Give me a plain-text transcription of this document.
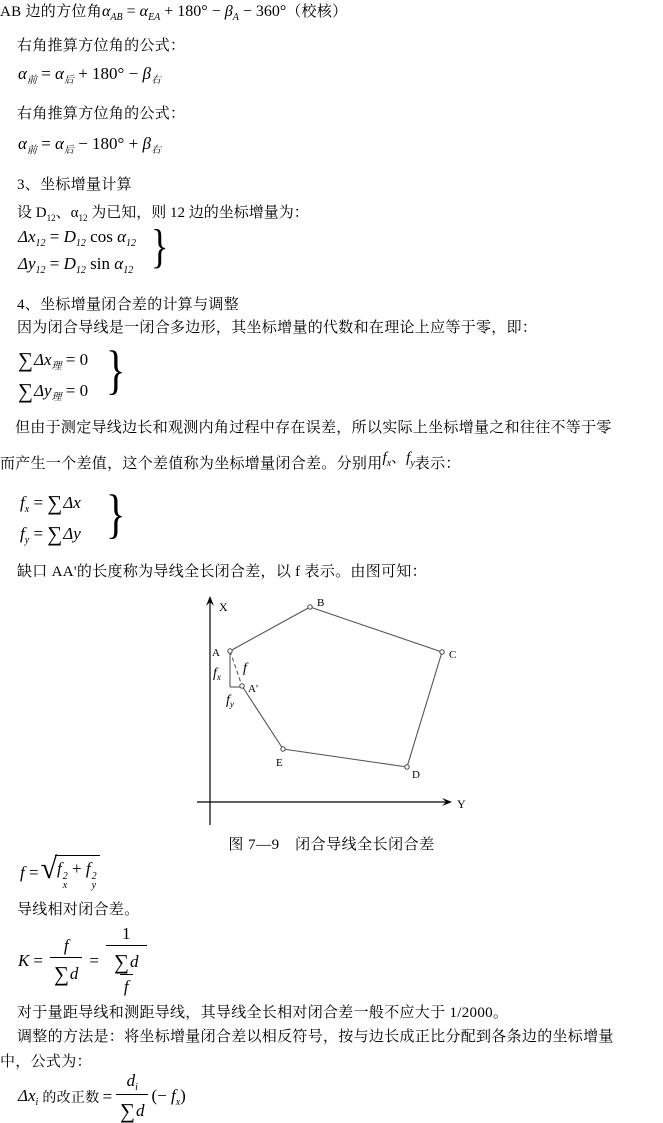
AB 边的方位角 $\alpha_{AB} = \alpha_{EA} + 180^\circ - \beta_A - 360^\circ$ （校核）
右角推算方位角的公式：
$\alpha_前 = \alpha_后 + 180^\circ - \beta_右$
右角推算方位角的公式：
$\alpha_前 = \alpha_后 - 180^\circ + \beta_右$
3、坐标增量计算
设 $D_{12}$、$\alpha_{12}$ 为已知，则 12 边的坐标增量为：
$\Delta x_{12} = D_{12}$ $\cos \alpha_{12}$
$\Delta y_{12} = D_{12}$ $\sin \alpha_{12}$ }
4、坐标增量闭合差的计算与调整
因为闭合导线是一闭合多边形，其坐标增量的代数和在理论上应等于零，即：
$\sum\Delta x_理 = 0$
$\sum\Delta y_理 = 0$ }
但由于测定导线边长和观测内角过程中存在误差，所以实际上坐标增量之和往往不等于零
而产生一个差值，这个差值称为坐标增量闭合差。分别用 $f_x$、$f_y$ 表示：
$f_x = \sum\Delta x$
$f_y = \sum\Delta y$ }
缺口 AA'的长度称为导线全长闭合差，以 f 表示。由图可知：
X
Y
A
B
C
D
E
A'
f
$f_x$
$f_y$
图 7—9　闭合导线全长闭合差
f = √ f 2
x
+ f 2
y
导线相对闭合差。
$K = \frac{f}{\sum d} = \frac{1}{\frac{\sum d}{f}}$
对于量距导线和测距导线，其导线全长相对闭合差一般不应大于 1/2000。
调整的方法是：将坐标增量闭合差以相反符号，按与边长成正比分配到各条边的坐标增量
中，公式为：
$\Delta x_i$ 的改正数 = $\frac{d_i}{\sum d}$ (− $f_x$)
